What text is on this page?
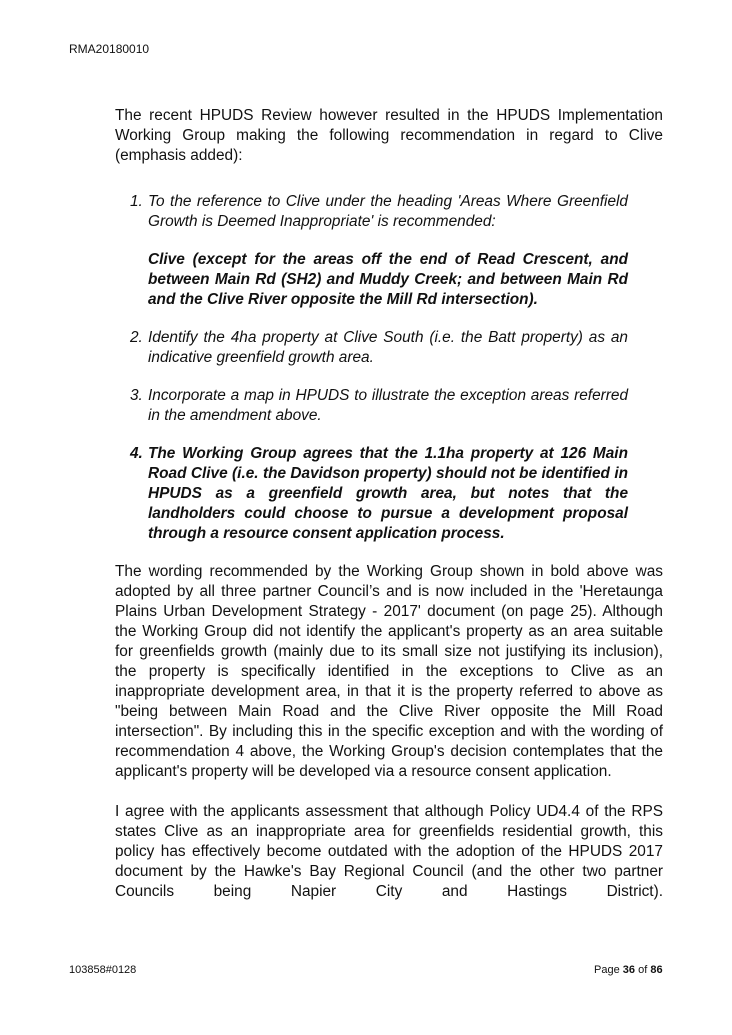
RMA20180010

The recent HPUDS Review however resulted in the HPUDS Implementation Working Group making the following recommendation in regard to Clive (emphasis added):

1. To the reference to Clive under the heading 'Areas Where Greenfield Growth is Deemed Inappropriate' is recommended:

Clive (except for the areas off the end of Read Crescent, and between Main Rd (SH2) and Muddy Creek; and between Main Rd and the Clive River opposite the Mill Rd intersection).

2. Identify the 4ha property at Clive South (i.e. the Batt property) as an indicative greenfield growth area.
3. Incorporate a map in HPUDS to illustrate the exception areas referred in the amendment above.
4. The Working Group agrees that the 1.1ha property at 126 Main Road Clive (i.e. the Davidson property) should not be identified in HPUDS as a greenfield growth area, but notes that the landholders could choose to pursue a development proposal through a resource consent application process.

The wording recommended by the Working Group shown in bold above was adopted by all three partner Council’s and is now included in the 'Heretaunga Plains Urban Development Strategy - 2017' document (on page 25). Although the Working Group did not identify the applicant's property as an area suitable for greenfields growth (mainly due to its small size not justifying its inclusion), the property is specifically identified in the exceptions to Clive as an inappropriate development area, in that it is the property referred to above as "being between Main Road and the Clive River opposite the Mill Road intersection". By including this in the specific exception and with the wording of recommendation 4 above, the Working Group's decision contemplates that the applicant's property will be developed via a resource consent application.

I agree with the applicants assessment that although Policy UD4.4 of the RPS states Clive as an inappropriate area for greenfields residential growth, this policy has effectively become outdated with the adoption of the HPUDS 2017 document by the Hawke's Bay Regional Council (and the other two partner Councils being Napier City and Hastings District).

103858#0128	Page 36 of 86
